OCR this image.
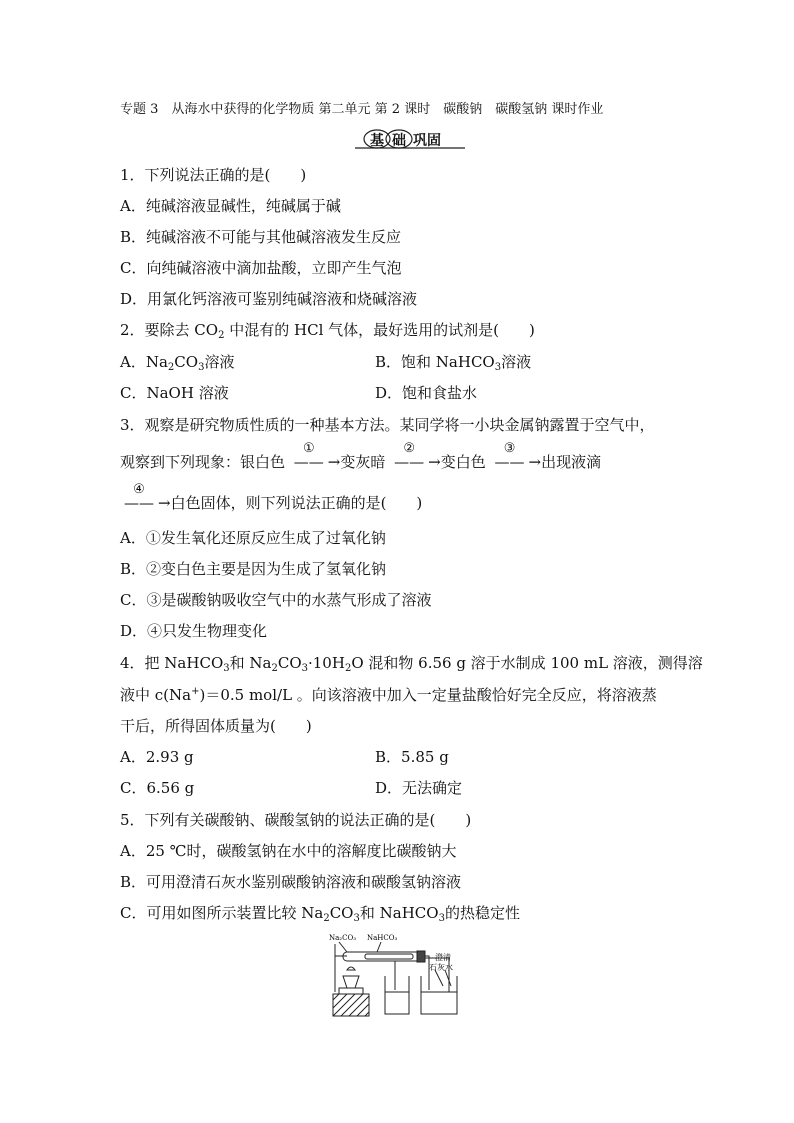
专题 3　从海水中获得的化学物质 第二单元 第 2 课时　碳酸钠　碳酸氢钠 课时作业
基 础 巩固
1．下列说法正确的是(　　)
A．纯碱溶液显碱性，纯碱属于碱
B．纯碱溶液不可能与其他碱溶液发生反应
C．向纯碱溶液中滴加盐酸，立即产生气泡
D．用氯化钙溶液可鉴别纯碱溶液和烧碱溶液
2．要除去 $CO_2$ 中混有的 HCl 气体，最好选用的试剂是(　　)
A．$Na_2CO_3$溶液	B．饱和 NaHCO$_3$溶液
C．NaOH 溶液	D．饱和食盐水
3．观察是研究物质性质的一种基本方法。某同学将一小块金属钠露置于空气中，
观察到下列现象：银白色 —
①
— →变灰暗 —
②
— →变白色 —
③
— →出现液滴
—
④
— →白色固体，则下列说法正确的是(　　)
A．①发生氧化还原反应生成了过氧化钠
B．②变白色主要是因为生成了氢氧化钠
C．③是碳酸钠吸收空气中的水蒸气形成了溶液
D．④只发生物理变化
4．把 NaHCO$_3$和 $Na_2CO_3\cdot 10H_2O$ 混和物 6.56 g 溶于水制成 100 mL 溶液，测得溶
液中 c(Na+)＝0.5 mol/L 。向该溶液中加入一定量盐酸恰好完全反应，将溶液蒸
干后，所得固体质量为(　　)
A．2.93 g	B．5.85 g
C．6.56 g	D．无法确定
5．下列有关碳酸钠、碳酸氢钠的说法正确的是(　　)
A．25 ℃时，碳酸氢钠在水中的溶解度比碳酸钠大
B．可用澄清石灰水鉴别碳酸钠溶液和碳酸氢钠溶液
C．可用如图所示装置比较 $Na_2CO_3$和 NaHCO$_3$的热稳定性
Na₂CO₃ NaHCO₃
澄清
石灰水
